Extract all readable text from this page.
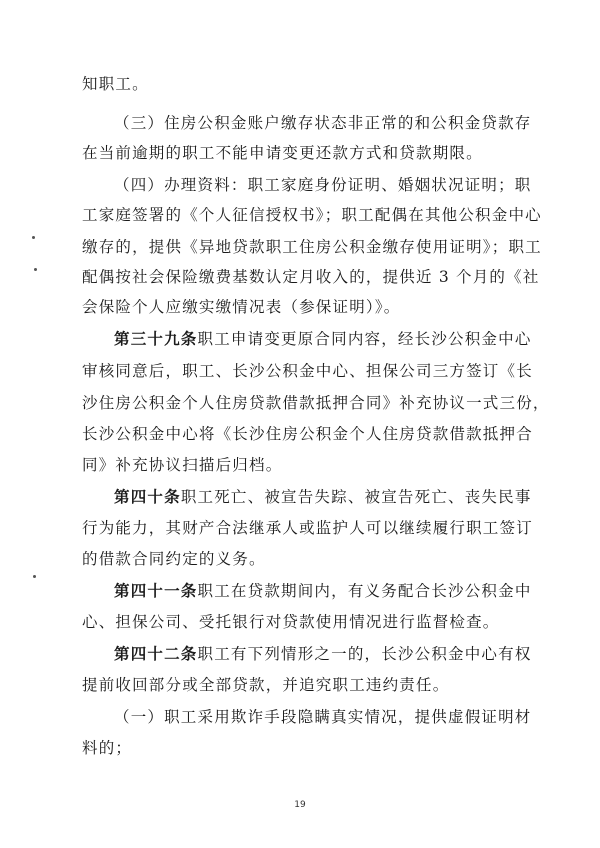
知职工。
（三）住房公积金账户缴存状态非正常的和公积金贷款存
在当前逾期的职工不能申请变更还款方式和贷款期限。
（四）办理资料：职工家庭身份证明、婚姻状况证明；职
工家庭签署的《个人征信授权书》；职工配偶在其他公积金中心
缴存的，提供《异地贷款职工住房公积金缴存使用证明》；职工
配偶按社会保险缴费基数认定月收入的，提供近 3 个月的《社
会保险个人应缴实缴情况表（参保证明）》。
第三十九条职工申请变更原合同内容，经长沙公积金中心
审核同意后，职工、长沙公积金中心、担保公司三方签订《长
沙住房公积金个人住房贷款借款抵押合同》补充协议一式三份，
长沙公积金中心将《长沙住房公积金个人住房贷款借款抵押合
同》补充协议扫描后归档。
第四十条职工死亡、被宣告失踪、被宣告死亡、丧失民事
行为能力，其财产合法继承人或监护人可以继续履行职工签订
的借款合同约定的义务。
第四十一条职工在贷款期间内，有义务配合长沙公积金中
心、担保公司、受托银行对贷款使用情况进行监督检查。
第四十二条职工有下列情形之一的，长沙公积金中心有权
提前收回部分或全部贷款，并追究职工违约责任。
（一）职工采用欺诈手段隐瞒真实情况，提供虚假证明材
料的；
19
